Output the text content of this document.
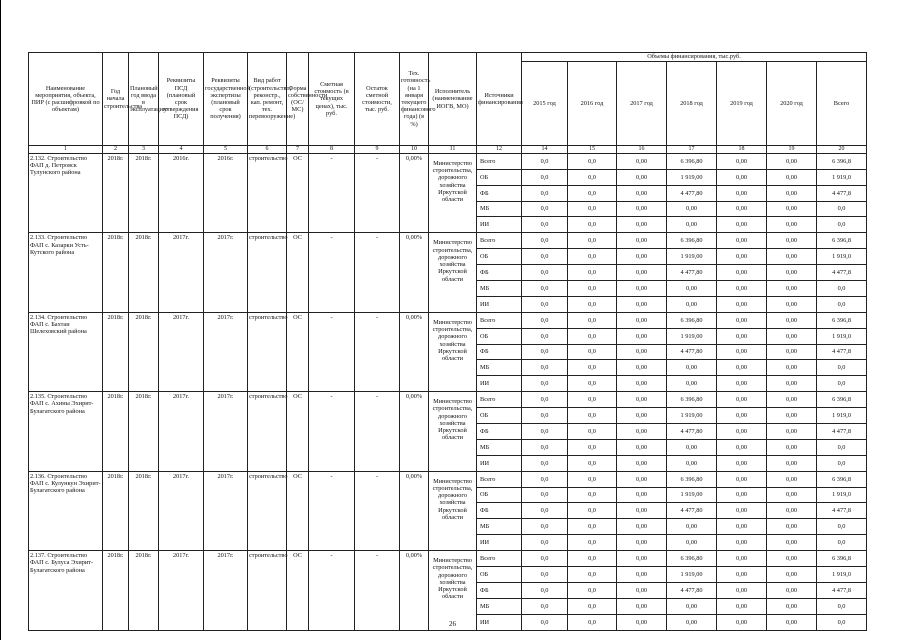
Наименование мероприятия, объекта, ПИР (с расшифровкой по объектам)	Год начала строительства	Плановый год ввода в эксплуатацию	Реквизиты ПСД (плановый срок утверждения ПСД)	Реквизиты государственной экспертизы (плановый срок получения)	Вид работ (строительство, реконстр., кап. ремонт, тех. перевооружение)	Форма собственности (ОС/МС)	Сметная стоимость (в текущих ценах), тыс. руб.	Остаток сметной стоимости, тыс. руб.	Тех. готовность (на 1 января текущего финансового года) (в %)	Исполнитель (наименование ИОГВ, МО)	Источники финансирования	Объемы финансирования, тыс.руб.						
												2015 год	2016 год	2017 год	2018 год	2019 год	2020 год	Всего
1	2	3	4	5	6	7	8	9	10	11	12	14	15	16	17	18	19	20
2.132. Строительство ФАП д. Петровск Тулунского района	2018г.	2018г.	2016г.	2016г.	строительство	ОС	-	-	0,00%	Министерство строительства, дорожного хозяйства Иркутской области	Всего	0,0	0,0	0,00	6 396,80	0,00	0,00	6 396,8
											ОБ	0,0	0,0	0,00	1 919,00	0,00	0,00	1 919,0
											ФБ	0,0	0,0	0,00	4 477,80	0,00	0,00	4 477,8
											МБ	0,0	0,0	0,00	0,00	0,00	0,00	0,0
											ИИ	0,0	0,0	0,00	0,00	0,00	0,00	0,0
2.133. Строительство ФАП с. Казарки Усть-Кутского района	2018г.	2018г.	2017г.	2017г.	строительство	ОС	-	-	0,00%	Министерство строительства, дорожного хозяйства Иркутской области	Всего	0,0	0,0	0,00	6 396,80	0,00	0,00	6 396,8
											ОБ	0,0	0,0	0,00	1 919,00	0,00	0,00	1 919,0
											ФБ	0,0	0,0	0,00	4 477,80	0,00	0,00	4 477,8
											МБ	0,0	0,0	0,00	0,00	0,00	0,00	0,0
											ИИ	0,0	0,0	0,00	0,00	0,00	0,00	0,0
2.134. Строительство ФАП с. Бахтаи Шелеховский района	2018г.	2018г.	2017г.	2017г.	строительство	ОС	-	-	0,00%	Министерство строительства, дорожного хозяйства Иркутской области	Всего	0,0	0,0	0,00	6 396,80	0,00	0,00	6 396,8
											ОБ	0,0	0,0	0,00	1 919,00	0,00	0,00	1 919,0
											ФБ	0,0	0,0	0,00	4 477,80	0,00	0,00	4 477,8
											МБ	0,0	0,0	0,00	0,00	0,00	0,00	0,0
											ИИ	0,0	0,0	0,00	0,00	0,00	0,00	0,0
2.135. Строительство ФАП с. Ахины Эхирит-Булагатского района	2018г.	2018г.	2017г.	2017г.	строительство	ОС	-	-	0,00%	Министерство строительства, дорожного хозяйства Иркутской области	Всего	0,0	0,0	0,00	6 396,80	0,00	0,00	6 396,8
											ОБ	0,0	0,0	0,00	1 919,00	0,00	0,00	1 919,0
											ФБ	0,0	0,0	0,00	4 477,80	0,00	0,00	4 477,8
											МБ	0,0	0,0	0,00	0,00	0,00	0,00	0,0
											ИИ	0,0	0,0	0,00	0,00	0,00	0,00	0,0
2.136. Строительство ФАП с. Кулункун Эхирит-Булагатского района	2018г.	2018г.	2017г.	2017г.	строительство	ОС	-	-	0,00%	Министерство строительства, дорожного хозяйства Иркутской области	Всего	0,0	0,0	0,00	6 396,80	0,00	0,00	6 396,8
											ОБ	0,0	0,0	0,00	1 919,00	0,00	0,00	1 919,0
											ФБ	0,0	0,0	0,00	4 477,80	0,00	0,00	4 477,8
											МБ	0,0	0,0	0,00	0,00	0,00	0,00	0,0
											ИИ	0,0	0,0	0,00	0,00	0,00	0,00	0,0
2.137. Строительство ФАП с. Булуса Эхирит-Булагатского района	2018г.	2018г.	2017г.	2017г.	строительство	ОС	-	-	0,00%	Министерство строительства, дорожного хозяйства Иркутской области	Всего	0,0	0,0	0,00	6 396,80	0,00	0,00	6 396,8
											ОБ	0,0	0,0	0,00	1 919,00	0,00	0,00	1 919,0
											ФБ	0,0	0,0	0,00	4 477,80	0,00	0,00	4 477,8
											МБ	0,0	0,0	0,00	0,00	0,00	0,00	0,0
											ИИ	0,0	0,0	0,00	0,00	0,00	0,00	0,0
26
